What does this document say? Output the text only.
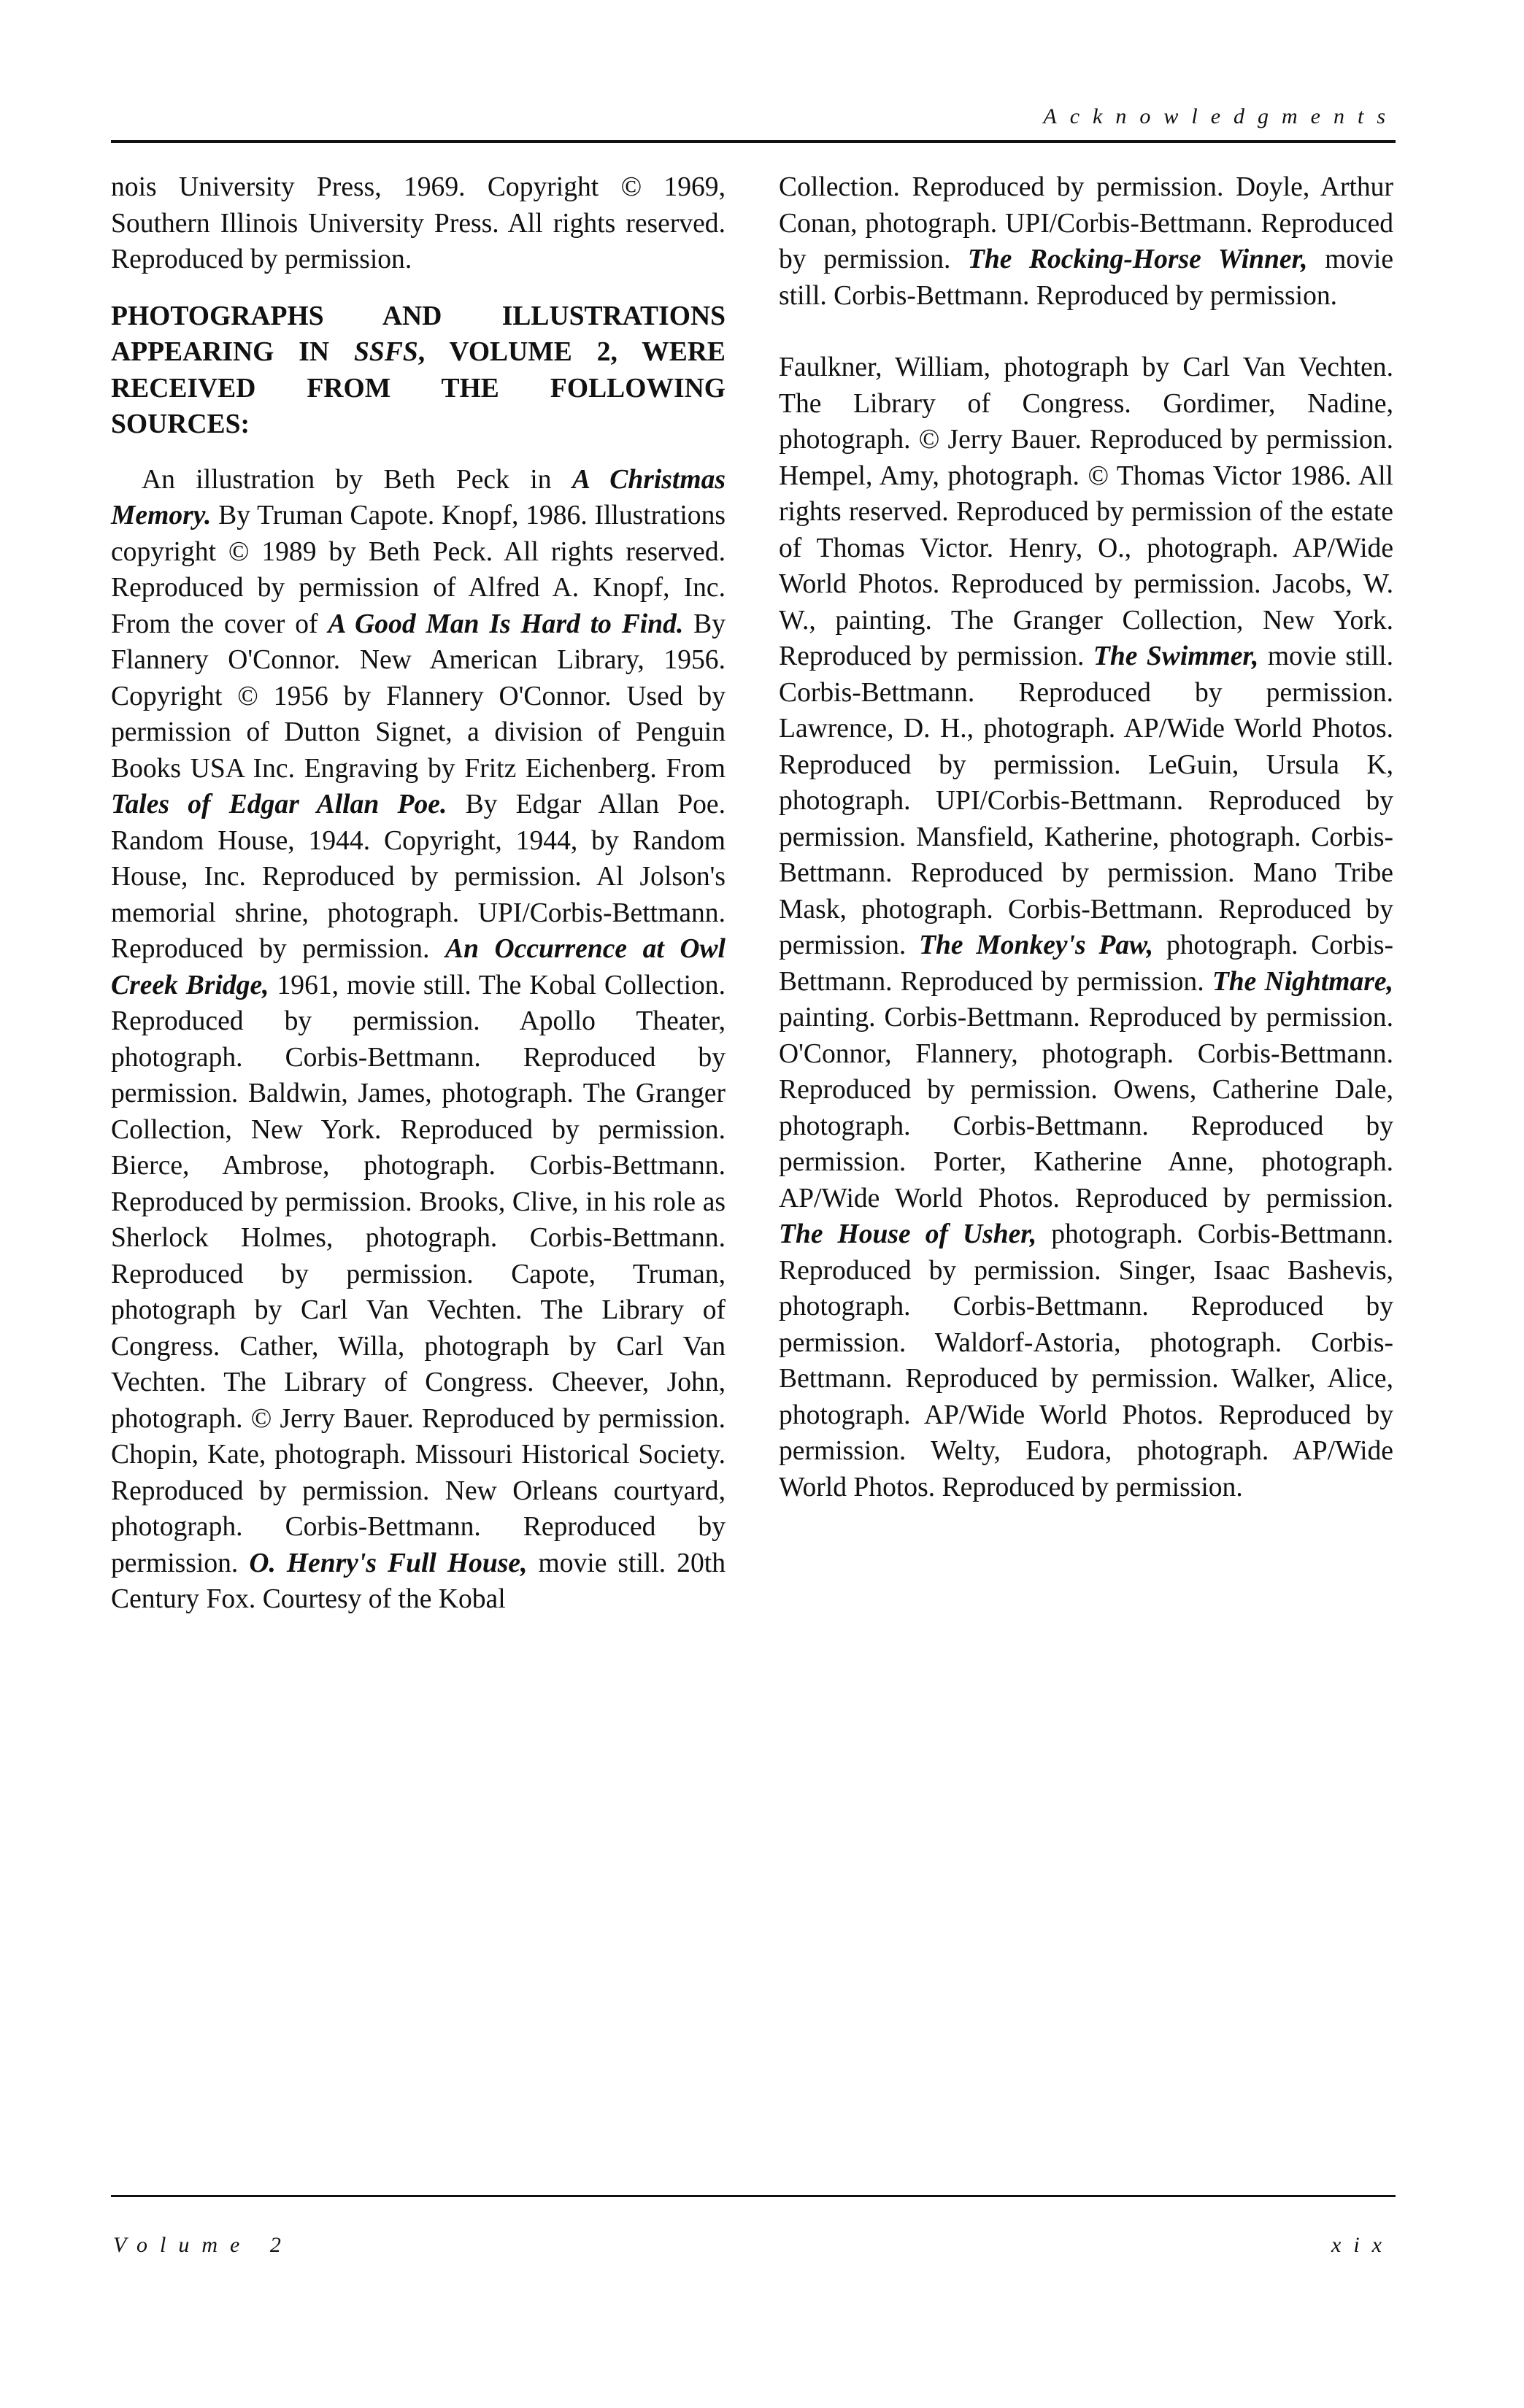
Acknowledgments

nois University Press, 1969. Copyright © 1969, Southern Illinois University Press. All rights reserved. Reproduced by permission.

PHOTOGRAPHS AND ILLUSTRATIONS APPEARING IN SSFS, VOLUME 2, WERE RECEIVED FROM THE FOLLOWING SOURCES:

An illustration by Beth Peck in A Christmas Memory. By Truman Capote. Knopf, 1986. Illustrations copyright © 1989 by Beth Peck. All rights reserved. Reproduced by permission of Alfred A. Knopf, Inc. From the cover of A Good Man Is Hard to Find. By Flannery O'Connor. New American Library, 1956. Copyright © 1956 by Flannery O'Connor. Used by permission of Dutton Signet, a division of Penguin Books USA Inc. Engraving by Fritz Eichenberg. From Tales of Edgar Allan Poe. By Edgar Allan Poe. Random House, 1944. Copyright, 1944, by Random House, Inc. Reproduced by permission. Al Jolson's memorial shrine, photograph. UPI/Corbis-Bettmann. Reproduced by permission. An Occurrence at Owl Creek Bridge, 1961, movie still. The Kobal Collection. Reproduced by permission. Apollo Theater, photograph. Corbis-Bettmann. Reproduced by permission. Baldwin, James, photograph. The Granger Collection, New York. Reproduced by permission. Bierce, Ambrose, photograph. Corbis-Bettmann. Reproduced by permission. Brooks, Clive, in his role as Sherlock Holmes, photograph. Corbis-Bettmann. Reproduced by permission. Capote, Truman, photograph by Carl Van Vechten. The Library of Congress. Cather, Willa, photograph by Carl Van Vechten. The Library of Congress. Cheever, John, photograph. © Jerry Bauer. Reproduced by permission. Chopin, Kate, photograph. Missouri Historical Society. Reproduced by permission. New Orleans courtyard, photograph. Corbis-Bettmann. Reproduced by permission. O. Henry's Full House, movie still. 20th Century Fox. Courtesy of the Kobal

Collection. Reproduced by permission. Doyle, Arthur Conan, photograph. UPI/Corbis-Bettmann. Reproduced by permission. The Rocking-Horse Winner, movie still. Corbis-Bettmann. Reproduced by permission.

Faulkner, William, photograph by Carl Van Vechten. The Library of Congress. Gordimer, Nadine, photograph. © Jerry Bauer. Reproduced by permission. Hempel, Amy, photograph. © Thomas Victor 1986. All rights reserved. Reproduced by permission of the estate of Thomas Victor. Henry, O., photograph. AP/Wide World Photos. Reproduced by permission. Jacobs, W. W., painting. The Granger Collection, New York. Reproduced by permission. The Swimmer, movie still. Corbis-Bettmann. Reproduced by permission. Lawrence, D. H., photograph. AP/Wide World Photos. Reproduced by permission. LeGuin, Ursula K, photograph. UPI/Corbis-Bettmann. Reproduced by permission. Mansfield, Katherine, photograph. Corbis-Bettmann. Reproduced by permission. Mano Tribe Mask, photograph. Corbis-Bettmann. Reproduced by permission. The Monkey's Paw, photograph. Corbis-Bettmann. Reproduced by permission. The Nightmare, painting. Corbis-Bettmann. Reproduced by permission. O'Connor, Flannery, photograph. Corbis-Bettmann. Reproduced by permission. Owens, Catherine Dale, photograph. Corbis-Bettmann. Reproduced by permission. Porter, Katherine Anne, photograph. AP/Wide World Photos. Reproduced by permission. The House of Usher, photograph. Corbis-Bettmann. Reproduced by permission. Singer, Isaac Bashevis, photograph. Corbis-Bettmann. Reproduced by permission. Waldorf-Astoria, photograph. Corbis-Bettmann. Reproduced by permission. Walker, Alice, photograph. AP/Wide World Photos. Reproduced by permission. Welty, Eudora, photograph. AP/Wide World Photos. Reproduced by permission.

Volume 2	xix
